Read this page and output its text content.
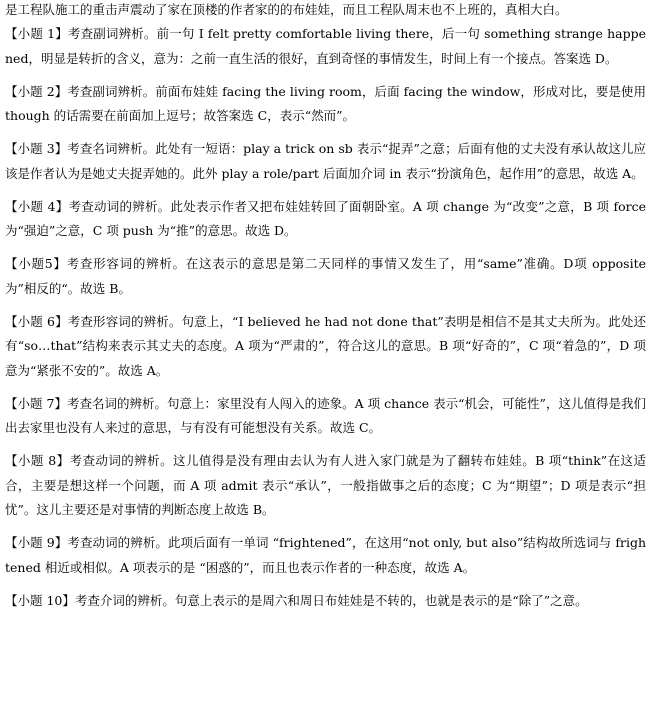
是工程队施工的重击声震动了家在顶楼的作者家的的布娃娃，而且工程队周末也不上班的，真相大白。

【小题 1】考查副词辨析。前一句 I felt pretty comfortable living there，后一句 something strange happened，明显是转折的含义，意为：之前一直生活的很好，直到奇怪的事情发生，时间上有一个接点。答案选 D。

【小题 2】考查副词辨析。前面布娃娃 facing the living room，后面 facing the window，形成对比，要是使用 though 的话需要在前面加上逗号；故答案选 C，表示“然而”。

【小题 3】考查名词辨析。此处有一短语：play a trick on sb 表示“捉弄”之意；后面有他的丈夫没有承认故这儿应该是作者认为是她丈夫捉弄她的。此外 play a role/part 后面加介词 in 表示“扮演角色，起作用”的意思，故选 A。

【小题 4】考查动词的辨析。此处表示作者又把布娃娃转回了面朝卧室。A 项 change 为“改变”之意，B 项 force 为“强迫”之意，C 项 push 为“推”的意思。故选 D。

【小题5】考查形容词的辨析。在这表示的意思是第二天同样的事情又发生了，用“same”准确。D项 opposite 为”相反的“。故选 B。

【小题 6】考查形容词的辨析。句意上，“I believed he had not done that”表明是相信不是其丈夫所为。此处还有“so…that”结构来表示其丈夫的态度。A 项为“严肃的”，符合这儿的意思。B 项“好奇的”，C 项“着急的”，D 项意为“紧张不安的”。故选 A。

【小题 7】考查名词的辨析。句意上：家里没有人闯入的迹象。A 项 chance 表示“机会，可能性”，这儿值得是我们出去家里也没有人来过的意思，与有没有可能想没有关系。故选 C。

【小题 8】考查动词的辨析。这儿值得是没有理由去认为有人进入家门就是为了翻转布娃娃。B 项“think”在这适合，主要是想这样一个问题，而 A 项 admit 表示“承认”，一般指做事之后的态度；C 为“期望”；D 项是表示“担忧”。这儿主要还是对事情的判断态度上故选 B。

【小题 9】考查动词的辨析。此项后面有一单词 “frightened”，在这用“not only, but also”结构故所选词与 frightened 相近或相似。A 项表示的是 “困惑的”，而且也表示作者的一种态度，故选 A。

【小题 10】考查介词的辨析。句意上表示的是周六和周日布娃娃是不转的，也就是表示的是“除了”之意。
